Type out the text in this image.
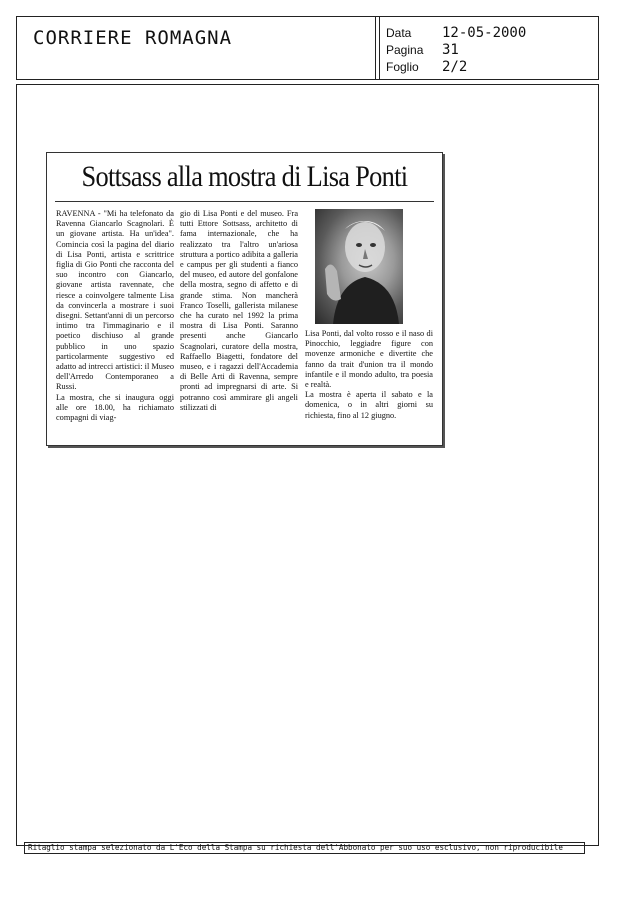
CORRIERE ROMAGNA	Data	12-05-2000
Pagina	31
Foglio	2/2
Sottsass alla mostra di Lisa Ponti

RAVENNA - "Mi ha telefonato da Ravenna Giancarlo Scagnolari. È un giovane artista. Ha un'idea". Comincia così la pagina del diario di Lisa Ponti, artista e scrittrice figlia di Gio Ponti che racconta del suo incontro con Giancarlo, giovane artista ravennate, che riesce a coinvolgere talmente Lisa da convincerla a mostrare i suoi disegni. Settant'anni di un percorso intimo tra l'immaginario e il poetico dischiuso al grande pubblico in uno spazio particolarmente suggestivo ed adatto ad intrecci artistici: il Museo dell'Arredo Contemporaneo a Russi.

La mostra, che si inaugura oggi alle ore 18.00, ha richiamato compagni di viag-

gio di Lisa Ponti e del museo. Fra tutti Ettore Sottsass, architetto di fama internazionale, che ha realizzato tra l'altro un'ariosa struttura a portico adibita a galleria e campus per gli studenti a fianco del museo, ed autore del gonfalone della mostra, segno di affetto e di grande stima. Non mancherà Franco Toselli, gallerista milanese che ha curato nel 1992 la prima mostra di Lisa Ponti. Saranno presenti anche Giancarlo Scagnolari, curatore della mostra, Raffaello Biagetti, fondatore del museo, e i ragazzi dell'Accademia di Belle Arti di Ravenna, sempre pronti ad impregnarsi di arte. Si potranno così ammirare gli angeli stilizzati di

Lisa Ponti, dal volto rosso e il naso di Pinocchio, leggiadre figure con movenze armoniche e divertite che fanno da trait d'union tra il mondo infantile e il mondo adulto, tra poesia e realtà.

La mostra è aperta il sabato e la domenica, o in altri giorni su richiesta, fino al 12 giugno.

Ritaglio stampa selezionato da L'Eco della Stampa su richiesta dell'Abbonato per suo uso esclusivo, non riproducibile
